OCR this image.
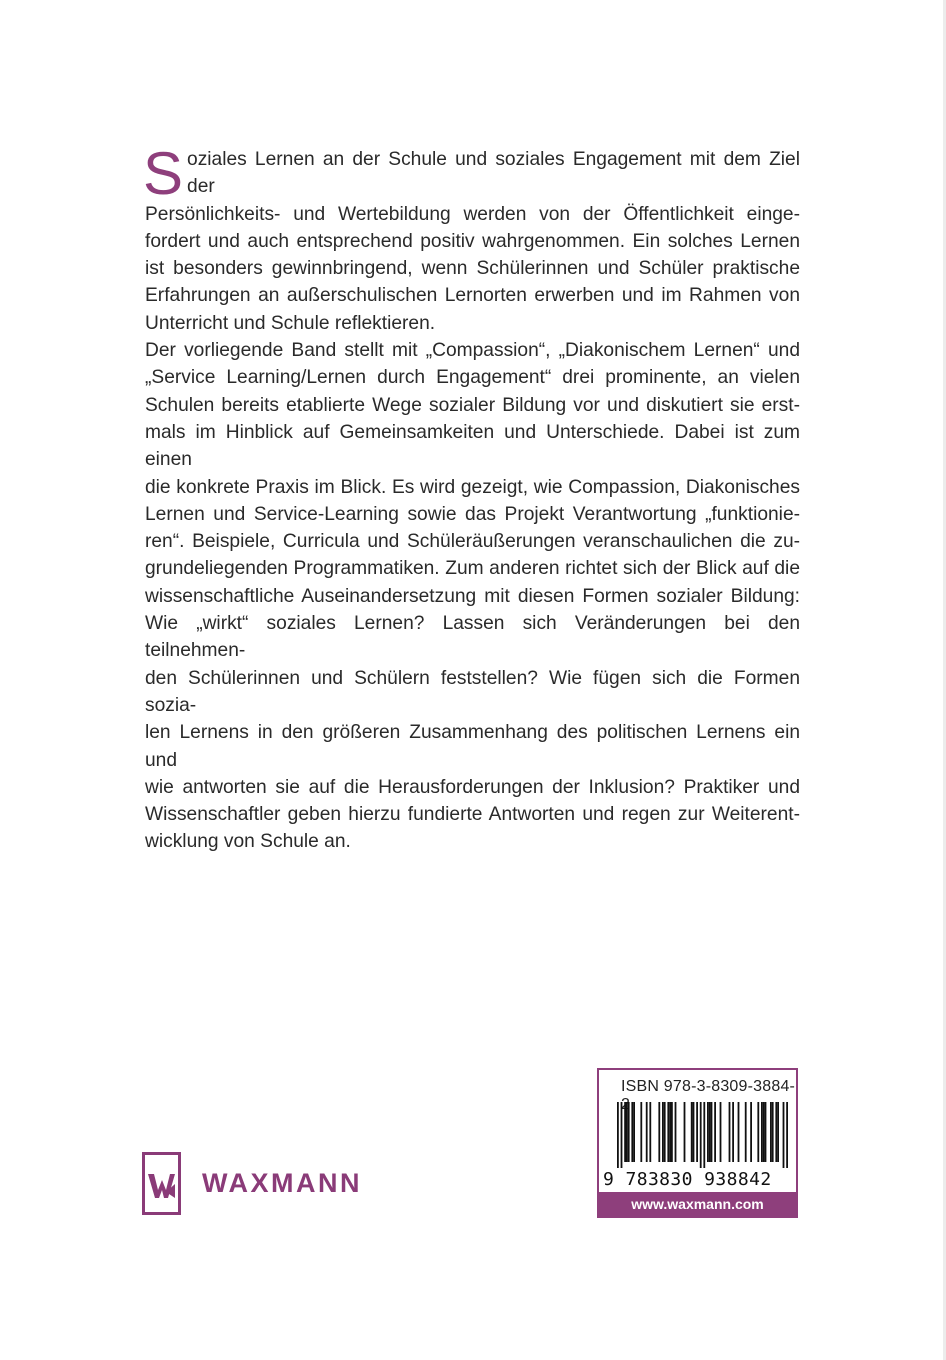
S oziales Lernen an der Schule und soziales Engagement mit dem Ziel der
Persönlichkeits- und Wertebildung werden von der Öffentlichkeit einge-
fordert und auch entsprechend positiv wahrgenommen. Ein solches Lernen
ist besonders gewinnbringend, wenn Schülerinnen und Schüler praktische
Erfahrungen an außerschulischen Lernorten erwerben und im Rahmen von
Unterricht und Schule reflektieren.

Der vorliegende Band stellt mit „Compassion“, „Diakonischem Lernen“ und
„Service Learning/Lernen durch Engagement“ drei prominente, an vielen
Schulen bereits etablierte Wege sozialer Bildung vor und diskutiert sie erst-
mals im Hinblick auf Gemeinsamkeiten und Unterschiede. Dabei ist zum einen
die konkrete Praxis im Blick. Es wird gezeigt, wie Compassion, Diakonisches
Lernen und Service-Learning sowie das Projekt Verantwortung „funktionie-
ren“. Beispiele, Curricula und Schüleräußerungen veranschaulichen die zu-
grundeliegenden Programmatiken. Zum anderen richtet sich der Blick auf die
wissenschaftliche Auseinandersetzung mit diesen Formen sozialer Bildung:
Wie „wirkt“ soziales Lernen? Lassen sich Veränderungen bei den teilnehmen-
den Schülerinnen und Schülern feststellen? Wie fügen sich die Formen sozia-
len Lernens in den größeren Zusammenhang des politischen Lernens ein und
wie antworten sie auf die Herausforderungen der Inklusion? Praktiker und
Wissenschaftler geben hierzu fundierte Antworten und regen zur Weiterent-
wicklung von Schule an.

WAXMANN
ISBN 978-3-8309-3884-
9 783830 938842
www.waxmann.com
